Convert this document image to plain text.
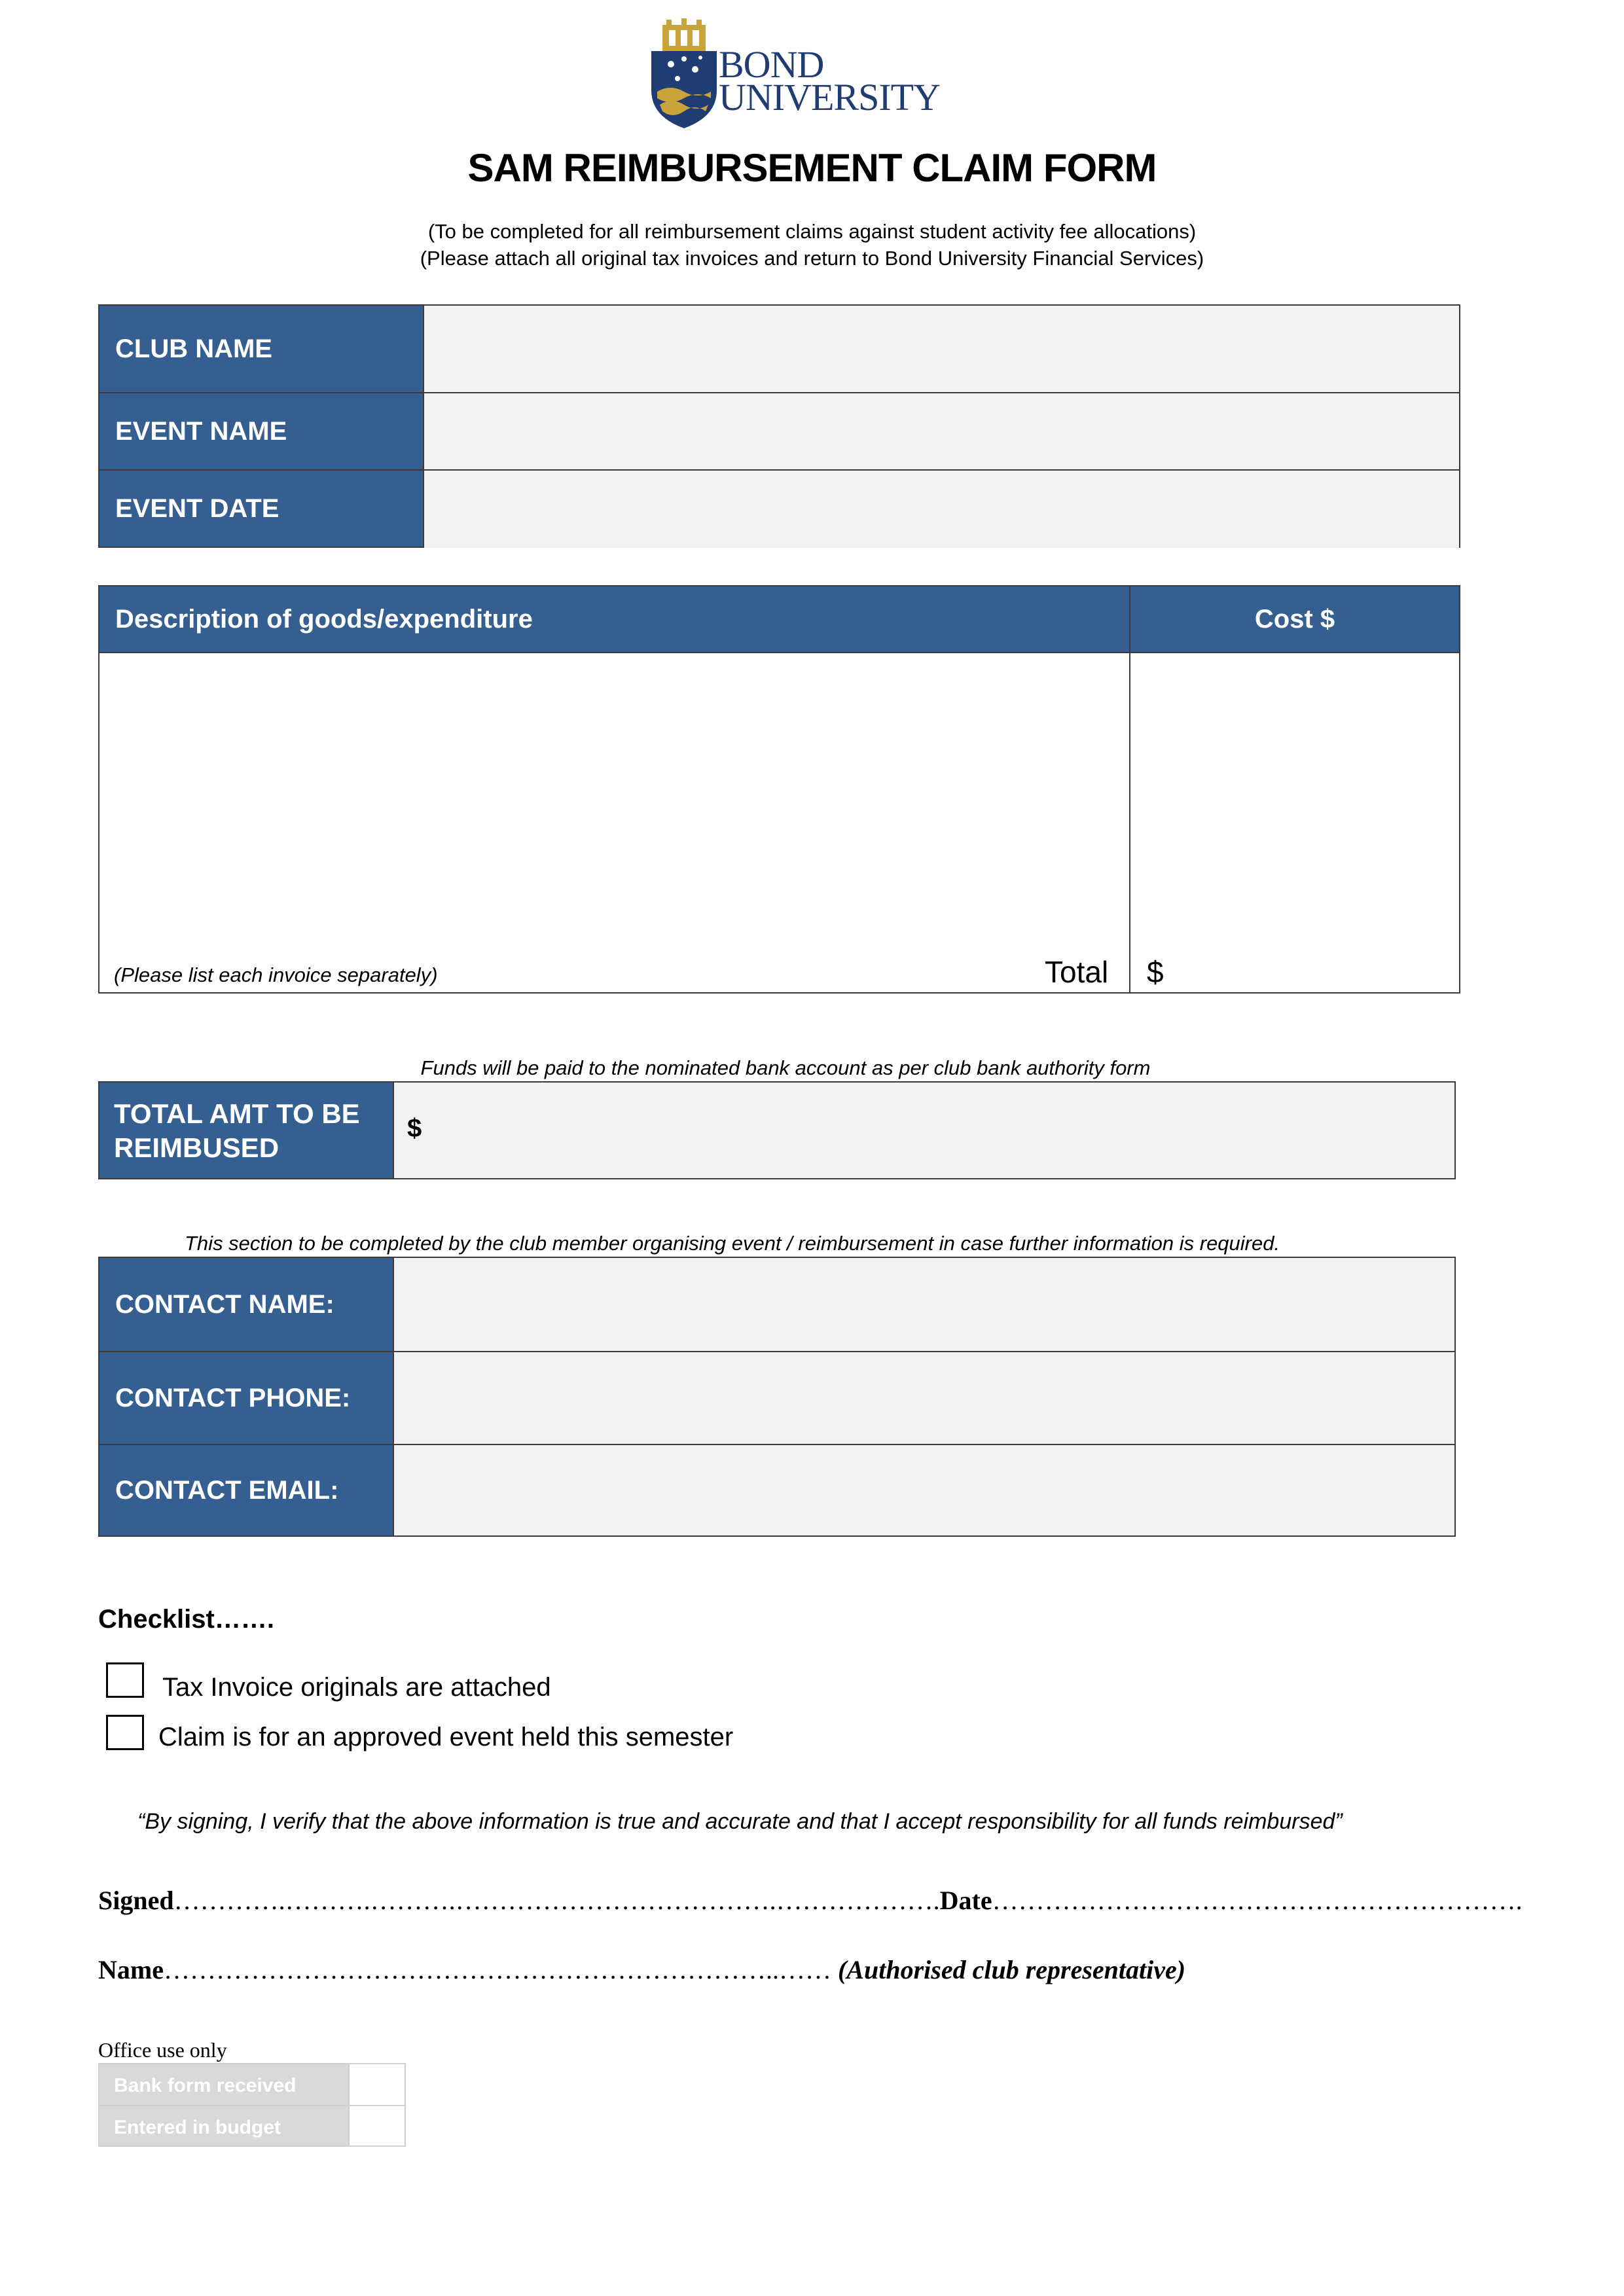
BOND
UNIVERSITY
SAM REIMBURSEMENT CLAIM FORM
(To be completed for all reimbursement claims against student activity fee allocations)
(Please attach all original tax invoices and return to Bond University Financial Services)
CLUB NAME
EVENT NAME
EVENT DATE
Description of goods/expenditure	Cost $
(Please list each invoice separately)	Total $
Funds will be paid to the nominated bank account as per club bank authority form
TOTAL AMT TO BE
REIMBUSED
$
This section to be completed by the club member organising event / reimbursement in case further information is required.
CONTACT NAME:
CONTACT PHONE:
CONTACT EMAIL:
Checklist…….
Tax Invoice originals are attached
Claim is for an approved event held this semester
“By signing, I verify that the above information is true and accurate and that I accept responsibility for all funds reimbursed”
Signed………….……….……….……………………………….……………….Date…………………………………………………….
Name……………………………………………………………..…… (Authorised club representative)
Office use only
Bank form received
Entered in budget
